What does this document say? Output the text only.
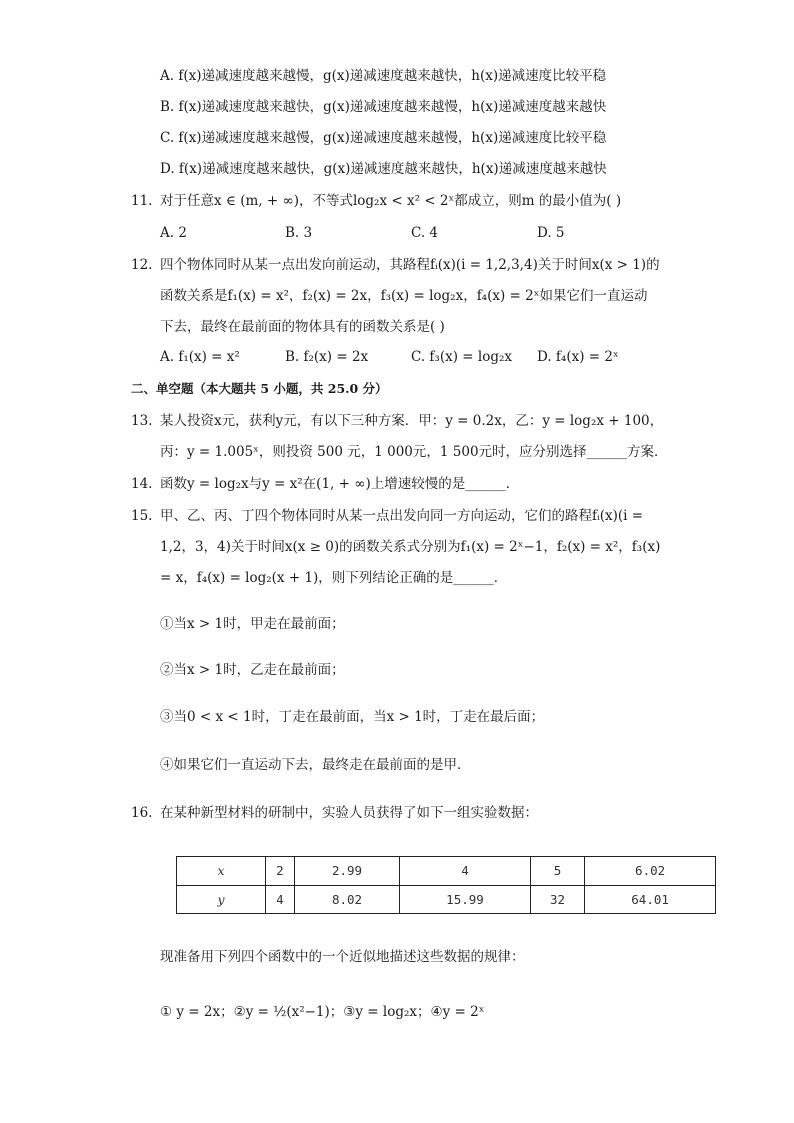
A. f(x)递减速度越来越慢，g(x)递减速度越来越快，h(x)递减速度比较平稳
B. f(x)递减速度越来越快，g(x)递减速度越来越慢，h(x)递减速度越来越快
C. f(x)递减速度越来越慢，g(x)递减速度越来越慢，h(x)递减速度比较平稳
D. f(x)递减速度越来越快，g(x)递减速度越来越快，h(x)递减速度越来越快
11. 对于任意x ∈ (m, + ∞)，不等式log₂x < x² < 2ˣ都成立，则m 的最小值为( )
A. 2	B. 3	C. 4	D. 5
12. 四个物体同时从某一点出发向前运动，其路程fᵢ(x)(i = 1,2,3,4)关于时间x(x > 1)的
函数关系是f₁(x) = x²，f₂(x) = 2x，f₃(x) = log₂x，f₄(x) = 2ˣ如果它们一直运动
下去，最终在最前面的物体具有的函数关系是( )
A. f₁(x) = x²	B. f₂(x) = 2x	C. f₃(x) = log₂x D. f₄(x) = 2ˣ
二、单空题（本大题共 5 小题，共 25.0 分）
13. 某人投资x元，获利y元，有以下三种方案．甲：y = 0.2x，乙：y = log₂x + 100，
丙：y = 1.005ˣ，则投资 500 元，1 000元，1 500元时，应分别选择______方案．
14. 函数y = log₂x与y = x²在(1, + ∞)上增速较慢的是______．
15. 甲、乙、丙、丁四个物体同时从某一点出发向同一方向运动，它们的路程fᵢ(x)(i =
1,2，3，4)关于时间x(x ≥ 0)的函数关系式分别为f₁(x) = 2ˣ−1，f₂(x) = x²，f₃(x)
= x，f₄(x) = log₂(x + 1)，则下列结论正确的是______．
①当x > 1时，甲走在最前面；
②当x > 1时，乙走在最前面；
③当0 < x < 1时，丁走在最前面，当x > 1时，丁走在最后面；
④如果它们一直运动下去，最终走在最前面的是甲．
16. 在某种新型材料的研制中，实验人员获得了如下一组实验数据：
x	2	2.99	4	5	6.02
y	4	8.02	15.99	32	64.01
现准备用下列四个函数中的一个近似地描述这些数据的规律：
① y = 2x；②y = ½(x²−1)；③y = log₂x；④y = 2ˣ
